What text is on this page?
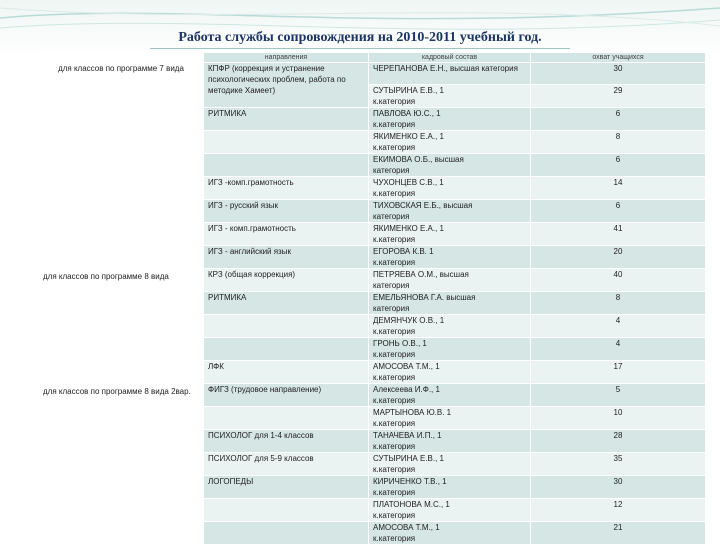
Работа службы сопровождения на 2010-2011 учебный год.
	направления	кадровый состав	охват учащихся

для классов по программе 7 вида	КПФР (коррекция и устранение психологических проблем, работа по методике Хамеет)	ЧЕРЕПАНОВА Е.Н., высшая категория	30
		СУТЫРИНА Е.В., 1
к.категория	29
	РИТМИКА	ПАВЛОВА Ю.С., 1
к.категория	6
		ЯКИМЕНКО Е.А., 1
к.категория	8
		ЕКИМОВА О.Б., высшая
категория	6
	ИГЗ -комп.грамотность	ЧУХОНЦЕВ С.В., 1
к.категория	14
	ИГЗ - русский язык	ТИХОВСКАЯ Е.Б., высшая
категория	6
	ИГЗ - комп.грамотность	ЯКИМЕНКО Е.А., 1
к.категория	41
	ИГЗ - английский язык	ЕГОРОВА К.В. 1
к.категория	20

для классов по программе 8 вида	КРЗ (общая коррекция)	ПЕТРЯЕВА О.М., высшая
категория	40
	РИТМИКА	ЕМЕЛЬЯНОВА Г.А. высшая
категория	8
		ДЕМЯНЧУК О.В., 1
к.категория	4
		ГРОНЬ О.В., 1
к.категория	4
	ЛФК	АМОСОВА Т.М., 1
к.категория	17

для классов по программе 8 вида 2вар.	ФИГЗ (трудовое направление)	Алексеева И.Ф., 1
к.категория	5
		МАРТЫНОВА Ю.В. 1
к.категория	10
	ПСИХОЛОГ для 1-4 классов	ТАНАЧЕВА И.П., 1
к.категория	28
	ПСИХОЛОГ для 5-9 классов	СУТЫРИНА Е.В., 1
к.категория	35
	ЛОГОПЕДЫ	КИРИЧЕНКО Т.В., 1
к.категория	30
		ПЛАТОНОВА М.С., 1
к.категория	12
		АМОСОВА Т.М., 1
к.категория	21
